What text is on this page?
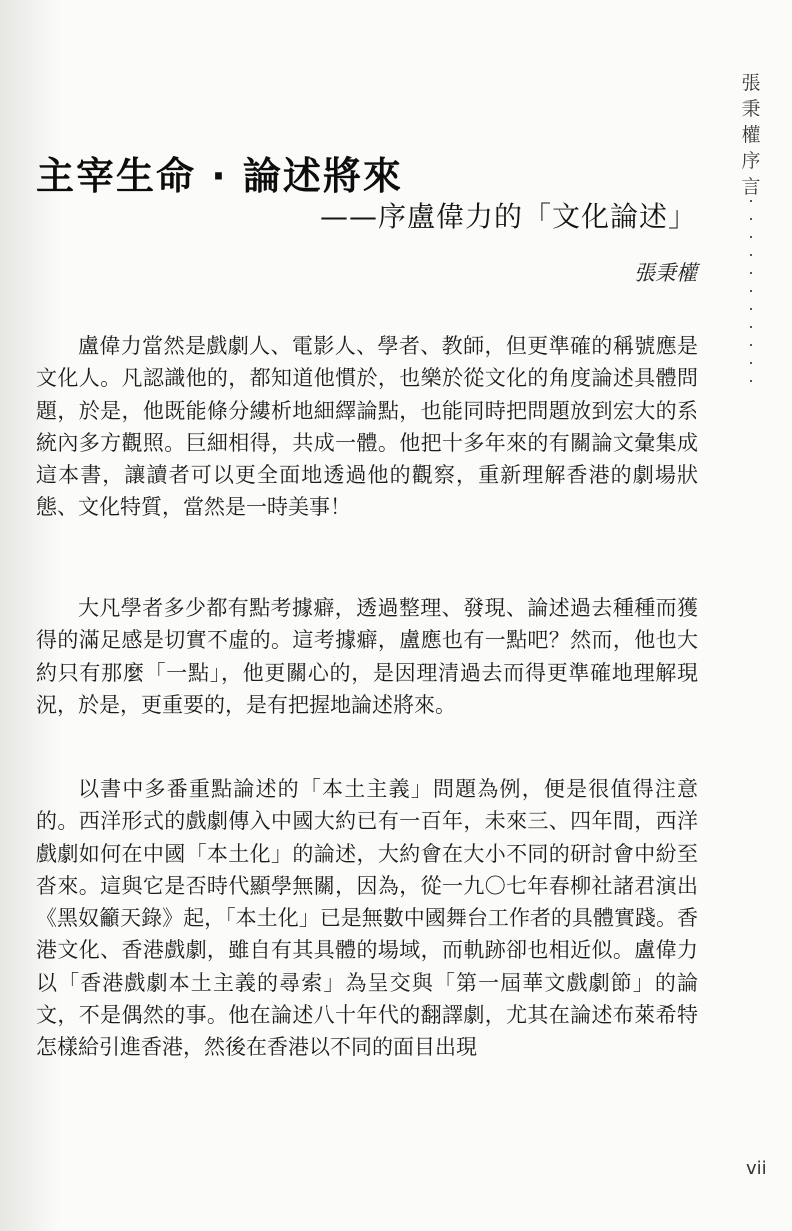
張秉權序言
主宰生命 · 論述將來
——序盧偉力的「文化論述」
張秉權

盧偉力當然是戲劇人、電影人、學者、教師，但更準確的稱號應是文化人。凡認識他的，都知道他慣於，也樂於從文化的角度論述具體問題，於是，他既能條分縷析地細繹論點，也能同時把問題放到宏大的系統內多方觀照。巨細相得，共成一體。他把十多年來的有關論文彙集成這本書，讓讀者可以更全面地透過他的觀察，重新理解香港的劇場狀態、文化特質，當然是一時美事！

大凡學者多少都有點考據癖，透過整理、發現、論述過去種種而獲得的滿足感是切實不虛的。這考據癖，盧應也有一點吧？然而，他也大約只有那麼「一點」，他更關心的，是因理清過去而得更準確地理解現況，於是，更重要的，是有把握地論述將來。

以書中多番重點論述的「本土主義」問題為例，便是很值得注意的。西洋形式的戲劇傳入中國大約已有一百年，未來三、四年間，西洋戲劇如何在中國「本土化」的論述，大約會在大小不同的研討會中紛至沓來。這與它是否時代顯學無關，因為，從一九〇七年春柳社諸君演出《黑奴籲天錄》起，「本土化」已是無數中國舞台工作者的具體實踐。香港文化、香港戲劇，雖自有其具體的場域，而軌跡卻也相近似。盧偉力以「香港戲劇本土主義的尋索」為呈交與「第一屆華文戲劇節」的論文，不是偶然的事。他在論述八十年代的翻譯劇，尤其在論述布萊希特怎樣給引進香港，然後在香港以不同的面目出現

vii
